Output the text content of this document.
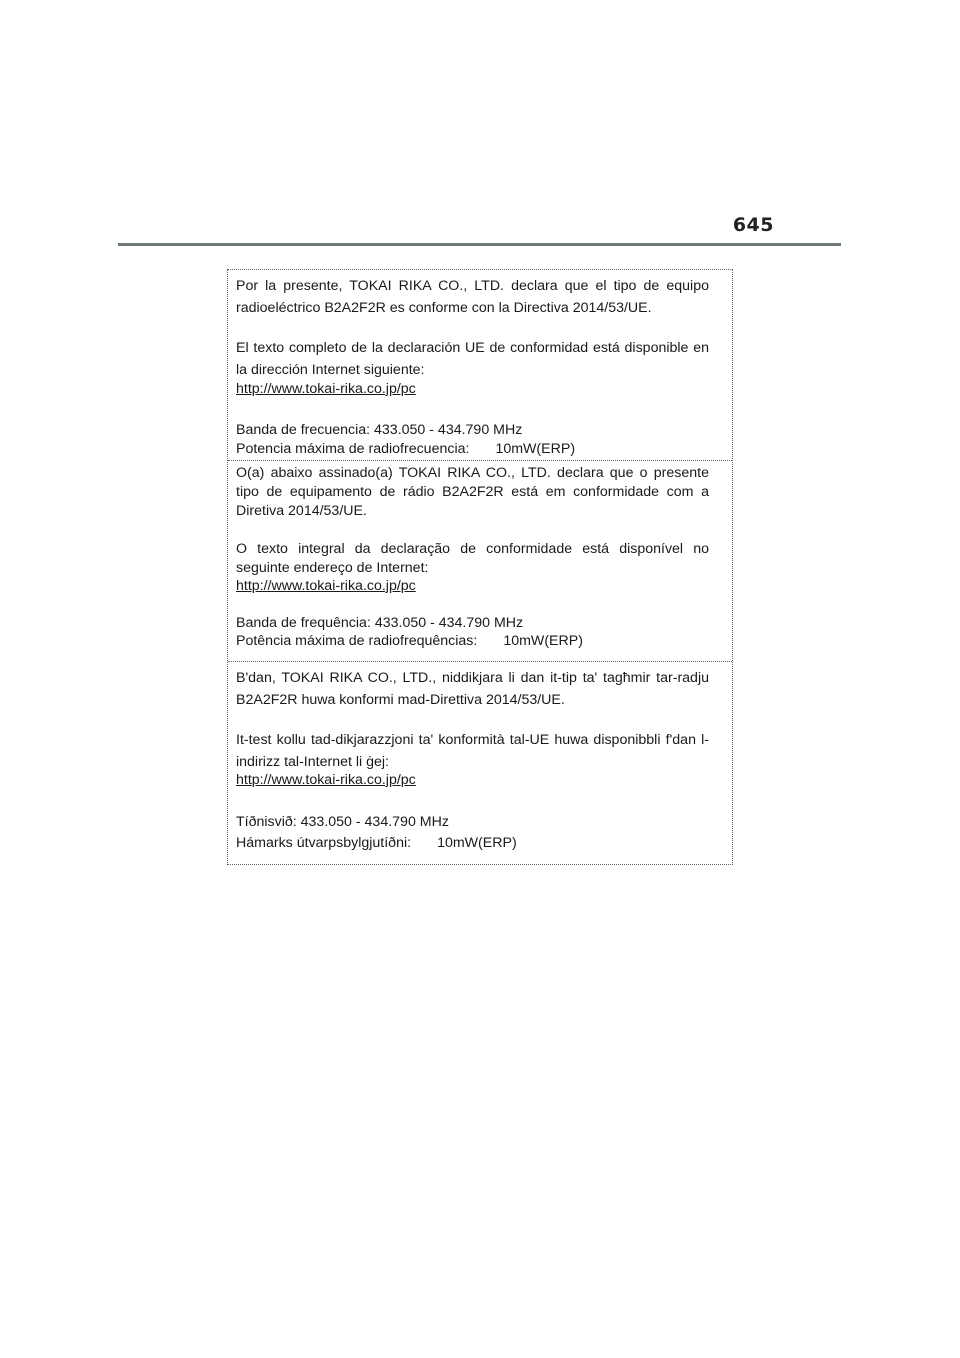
645

Por la presente, TOKAI RIKA CO., LTD. declara que el tipo de equipo radioeléctrico B2A2F2R es conforme con la Directiva 2014/53/UE.

El texto completo de la declaración UE de conformidad está disponible en la dirección Internet siguiente:

http://www.tokai-rika.co.jp/pc

Banda de frecuencia: 433.050 - 434.790 MHz

Potencia máxima de radiofrecuencia: 10mW(ERP)

O(a) abaixo assinado(a) TOKAI RIKA CO., LTD. declara que o presente tipo de equipamento de rádio B2A2F2R está em conformidade com a Diretiva 2014/53/UE.

O texto integral da declaração de conformidade está disponível no seguinte endereço de Internet:

http://www.tokai-rika.co.jp/pc

Banda de frequência: 433.050 - 434.790 MHz

Potência máxima de radiofrequências: 10mW(ERP)

B'dan, TOKAI RIKA CO., LTD., niddikjara li dan it-tip ta' tagħmir tar-radju B2A2F2R huwa konformi mad-Direttiva 2014/53/UE.

It-test kollu tad-dikjarazzjoni ta' konformità tal-UE huwa disponibbli f'dan l-indirizz tal-Internet li ġej:

http://www.tokai-rika.co.jp/pc

Tíðnisvið: 433.050 - 434.790 MHz

Hámarks útvarpsbylgjutíðni: 10mW(ERP)
